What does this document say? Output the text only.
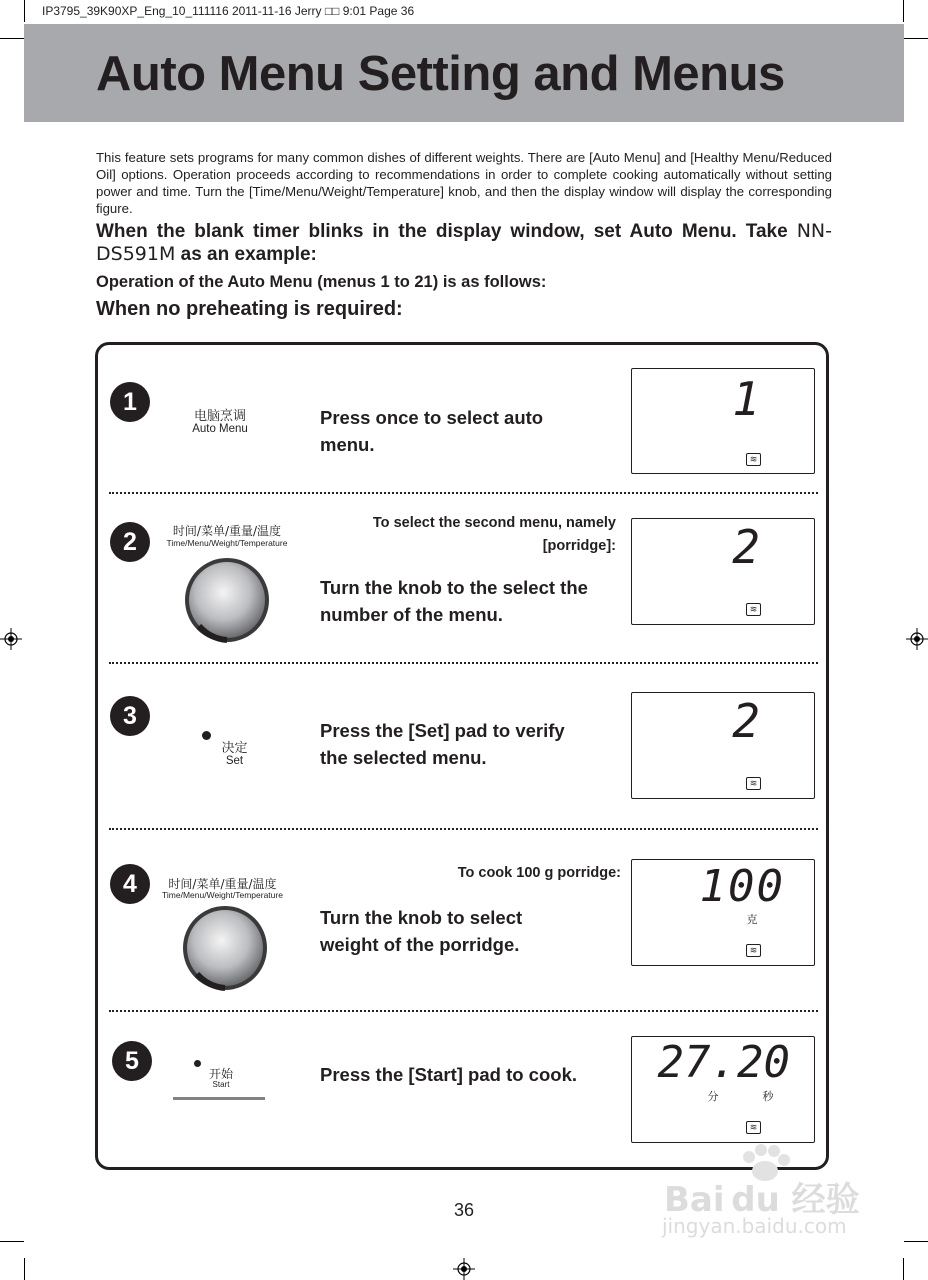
IP3795_39K90XP_Eng_10_111116 2011-11-16 Jerry □□ 9:01 Page 36
Auto Menu Setting and Menus
This feature sets programs for many common dishes of different weights. There are [Auto Menu] and [Healthy Menu/Reduced Oil] options. Operation proceeds according to recommendations in order to complete cooking automatically without setting power and time. Turn the [Time/Menu/Weight/Temperature] knob, and then the display window will display the corresponding figure.
When the blank timer blinks in the display window, set Auto Menu. Take NN-DS591M as an example:
Operation of the Auto Menu (menus 1 to 21) is as follows:
When no preheating is required:
1
电脑烹调
Auto Menu
Press once to select auto
menu.
1
≋
2	时间/菜单/重量/温度
Time/Menu/Weight/Temperature
To select the second menu, namely
[porridge]:
Turn the knob to the select the
number of the menu.
2
≋
3
决定
Set
Press the [Set] pad to verify
the selected menu.
2
≋
4	时间/菜单/重量/温度
Time/Menu/Weight/Temperature
To cook 100 g porridge:
Turn the knob to select
weight of the porridge.
100
克
≋
5	开始
Start	Press the [Start] pad to cook. 27.20
分	秒
≋
36	Bai du 经验
jingyan.baidu.com
